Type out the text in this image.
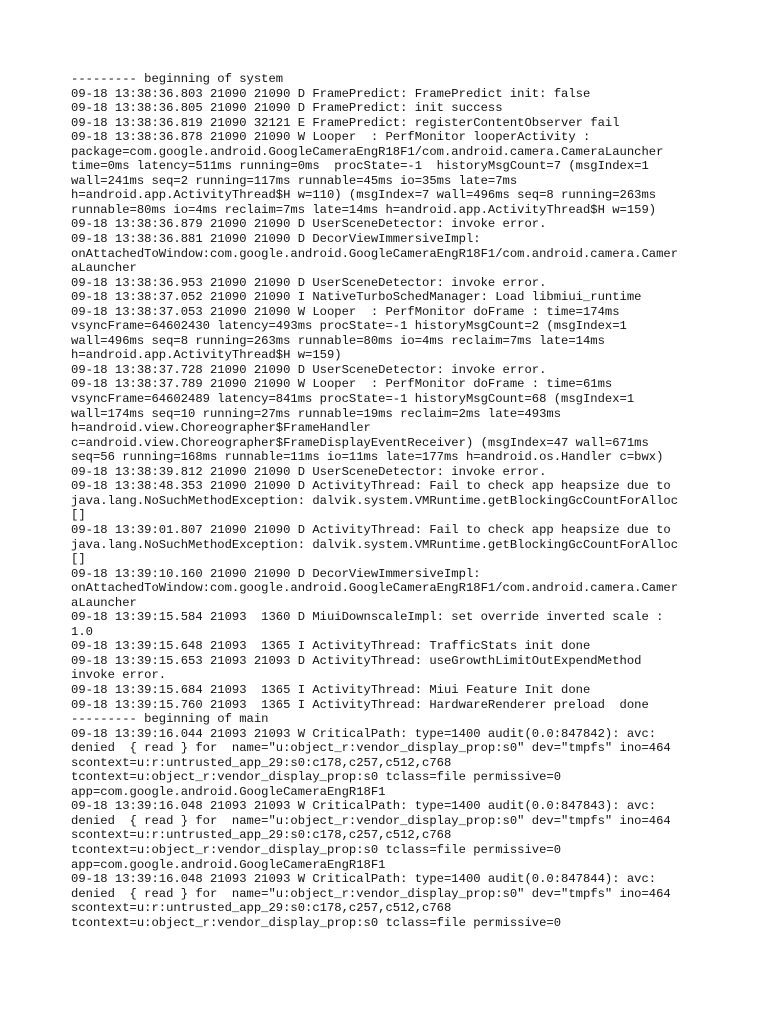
--------- beginning of system
09-18 13:38:36.803 21090 21090 D FramePredict: FramePredict init: false
09-18 13:38:36.805 21090 21090 D FramePredict: init success
09-18 13:38:36.819 21090 32121 E FramePredict: registerContentObserver fail
09-18 13:38:36.878 21090 21090 W Looper  : PerfMonitor looperActivity :
package=com.google.android.GoogleCameraEngR18F1/com.android.camera.CameraLauncher
time=0ms latency=511ms running=0ms  procState=-1  historyMsgCount=7 (msgIndex=1
wall=241ms seq=2 running=117ms runnable=45ms io=35ms late=7ms
h=android.app.ActivityThread$H w=110) (msgIndex=7 wall=496ms seq=8 running=263ms
runnable=80ms io=4ms reclaim=7ms late=14ms h=android.app.ActivityThread$H w=159)
09-18 13:38:36.879 21090 21090 D UserSceneDetector: invoke error.
09-18 13:38:36.881 21090 21090 D DecorViewImmersiveImpl:
onAttachedToWindow:com.google.android.GoogleCameraEngR18F1/com.android.camera.Camer
aLauncher
09-18 13:38:36.953 21090 21090 D UserSceneDetector: invoke error.
09-18 13:38:37.052 21090 21090 I NativeTurboSchedManager: Load libmiui_runtime
09-18 13:38:37.053 21090 21090 W Looper  : PerfMonitor doFrame : time=174ms
vsyncFrame=64602430 latency=493ms procState=-1 historyMsgCount=2 (msgIndex=1
wall=496ms seq=8 running=263ms runnable=80ms io=4ms reclaim=7ms late=14ms
h=android.app.ActivityThread$H w=159)
09-18 13:38:37.728 21090 21090 D UserSceneDetector: invoke error.
09-18 13:38:37.789 21090 21090 W Looper  : PerfMonitor doFrame : time=61ms
vsyncFrame=64602489 latency=841ms procState=-1 historyMsgCount=68 (msgIndex=1
wall=174ms seq=10 running=27ms runnable=19ms reclaim=2ms late=493ms
h=android.view.Choreographer$FrameHandler
c=android.view.Choreographer$FrameDisplayEventReceiver) (msgIndex=47 wall=671ms
seq=56 running=168ms runnable=11ms io=11ms late=177ms h=android.os.Handler c=bwx)
09-18 13:38:39.812 21090 21090 D UserSceneDetector: invoke error.
09-18 13:38:48.353 21090 21090 D ActivityThread: Fail to check app heapsize due to
java.lang.NoSuchMethodException: dalvik.system.VMRuntime.getBlockingGcCountForAlloc
[]
09-18 13:39:01.807 21090 21090 D ActivityThread: Fail to check app heapsize due to
java.lang.NoSuchMethodException: dalvik.system.VMRuntime.getBlockingGcCountForAlloc
[]
09-18 13:39:10.160 21090 21090 D DecorViewImmersiveImpl:
onAttachedToWindow:com.google.android.GoogleCameraEngR18F1/com.android.camera.Camer
aLauncher
09-18 13:39:15.584 21093  1360 D MiuiDownscaleImpl: set override inverted scale :
1.0
09-18 13:39:15.648 21093  1365 I ActivityThread: TrafficStats init done
09-18 13:39:15.653 21093 21093 D ActivityThread: useGrowthLimitOutExpendMethod
invoke error.
09-18 13:39:15.684 21093  1365 I ActivityThread: Miui Feature Init done
09-18 13:39:15.760 21093  1365 I ActivityThread: HardwareRenderer preload  done
--------- beginning of main
09-18 13:39:16.044 21093 21093 W CriticalPath: type=1400 audit(0.0:847842): avc:
denied  { read } for  name="u:object_r:vendor_display_prop:s0" dev="tmpfs" ino=464
scontext=u:r:untrusted_app_29:s0:c178,c257,c512,c768
tcontext=u:object_r:vendor_display_prop:s0 tclass=file permissive=0
app=com.google.android.GoogleCameraEngR18F1
09-18 13:39:16.048 21093 21093 W CriticalPath: type=1400 audit(0.0:847843): avc:
denied  { read } for  name="u:object_r:vendor_display_prop:s0" dev="tmpfs" ino=464
scontext=u:r:untrusted_app_29:s0:c178,c257,c512,c768
tcontext=u:object_r:vendor_display_prop:s0 tclass=file permissive=0
app=com.google.android.GoogleCameraEngR18F1
09-18 13:39:16.048 21093 21093 W CriticalPath: type=1400 audit(0.0:847844): avc:
denied  { read } for  name="u:object_r:vendor_display_prop:s0" dev="tmpfs" ino=464
scontext=u:r:untrusted_app_29:s0:c178,c257,c512,c768
tcontext=u:object_r:vendor_display_prop:s0 tclass=file permissive=0
